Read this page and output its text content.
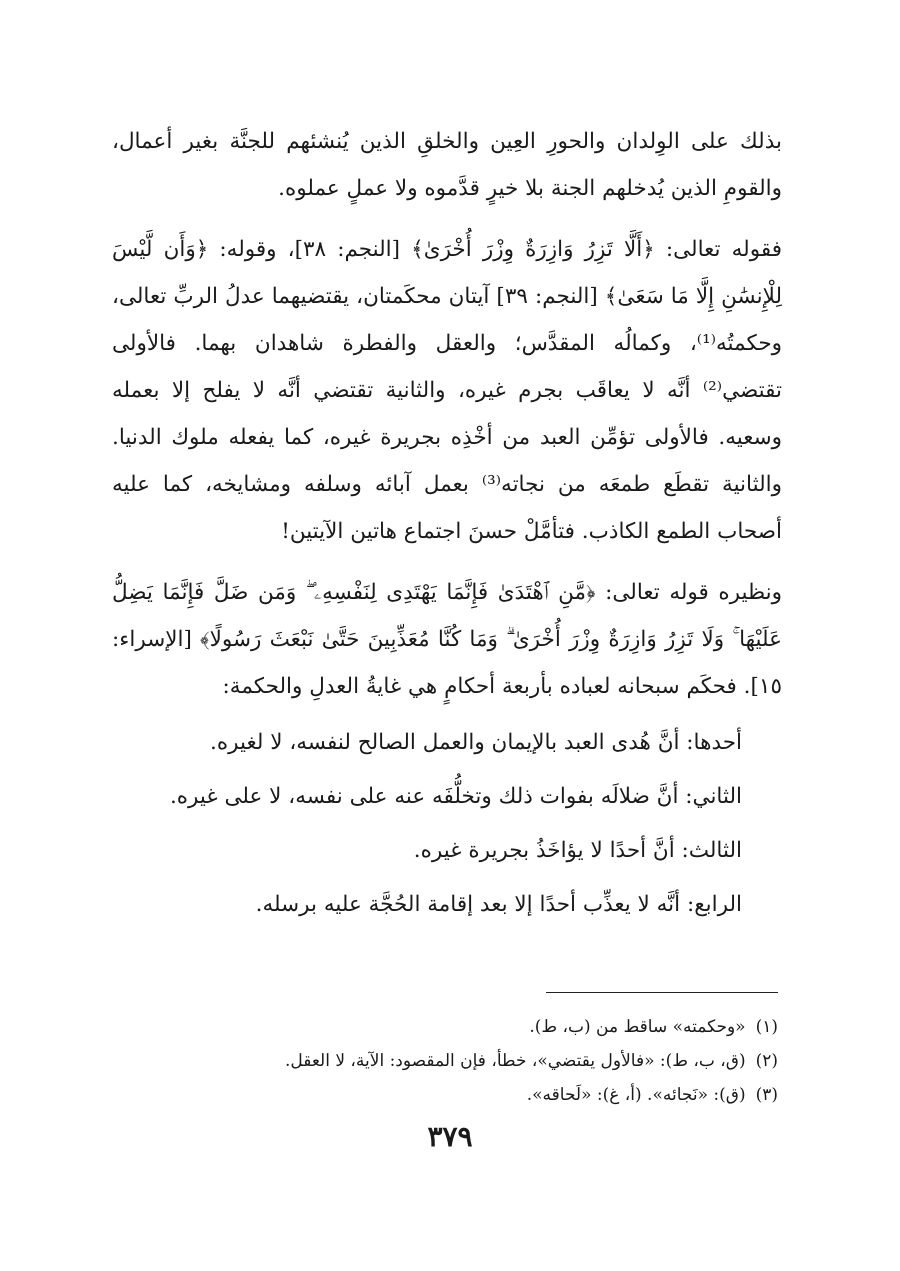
بذلك على الوِلدان والحورِ العِين والخلقِ الذين يُنشئهم للجنَّة بغير أعمال، والقومِ الذين يُدخلهم الجنة بلا خيرٍ قدَّموه ولا عملٍ عملوه.

فقوله تعالى: ﴿أَلَّا تَزِرُ وَازِرَةٌ وِزْرَ أُخْرَىٰ﴾ [النجم: ٣٨]، وقوله: ﴿وَأَن لَّيْسَ لِلْإِنسَٰنِ إِلَّا مَا سَعَىٰ﴾ [النجم: ٣٩] آيتان محكَمتان، يقتضيهما عدلُ الربِّ تعالى، وحكمتُه⁽¹⁾، وكمالُه المقدَّس؛ والعقل والفطرة شاهدان بهما. فالأولى تقتضي⁽²⁾ أنَّه لا يعاقَب بجرم غيره، والثانية تقتضي أنَّه لا يفلح إلا بعمله وسعيه. فالأولى تؤمِّن العبد من أخْذِه بجريرة غيره، كما يفعله ملوك الدنيا. والثانية تقطَع طمعَه من نجاته⁽³⁾ بعمل آبائه وسلفه ومشايخه، كما عليه أصحاب الطمع الكاذب. فتأمَّلْ حسنَ اجتماع هاتين الآيتين!

ونظيره قوله تعالى: ﴿مَّنِ ٱهْتَدَىٰ فَإِنَّمَا يَهْتَدِى لِنَفْسِهِۦ ۖ وَمَن ضَلَّ فَإِنَّمَا يَضِلُّ عَلَيْهَا ۚ وَلَا تَزِرُ وَازِرَةٌ وِزْرَ أُخْرَىٰ ۗ وَمَا كُنَّا مُعَذِّبِينَ حَتَّىٰ نَبْعَثَ رَسُولًا﴾ [الإسراء: ١٥]. فحكَم سبحانه لعباده بأربعة أحكامٍ هي غايةُ العدلِ والحكمة:

أحدها: أنَّ هُدى العبد بالإيمان والعمل الصالح لنفسه، لا لغيره.

الثاني: أنَّ ضلالَه بفوات ذلك وتخلُّفَه عنه على نفسه، لا على غيره.

الثالث: أنَّ أحدًا لا يؤاخَذُ بجريرة غيره.

الرابع: أنَّه لا يعذِّب أحدًا إلا بعد إقامة الحُجَّة عليه برسله.

(١)«وحكمته» ساقط من (ب، ط).

(٢)(ق، ب، ط): «فالأول يقتضي»، خطأ، فإن المقصود: الآية، لا العقل.

(٣)(ق): «نَجائه». (أ، غ): «لَحاقه».

٣٧٩
